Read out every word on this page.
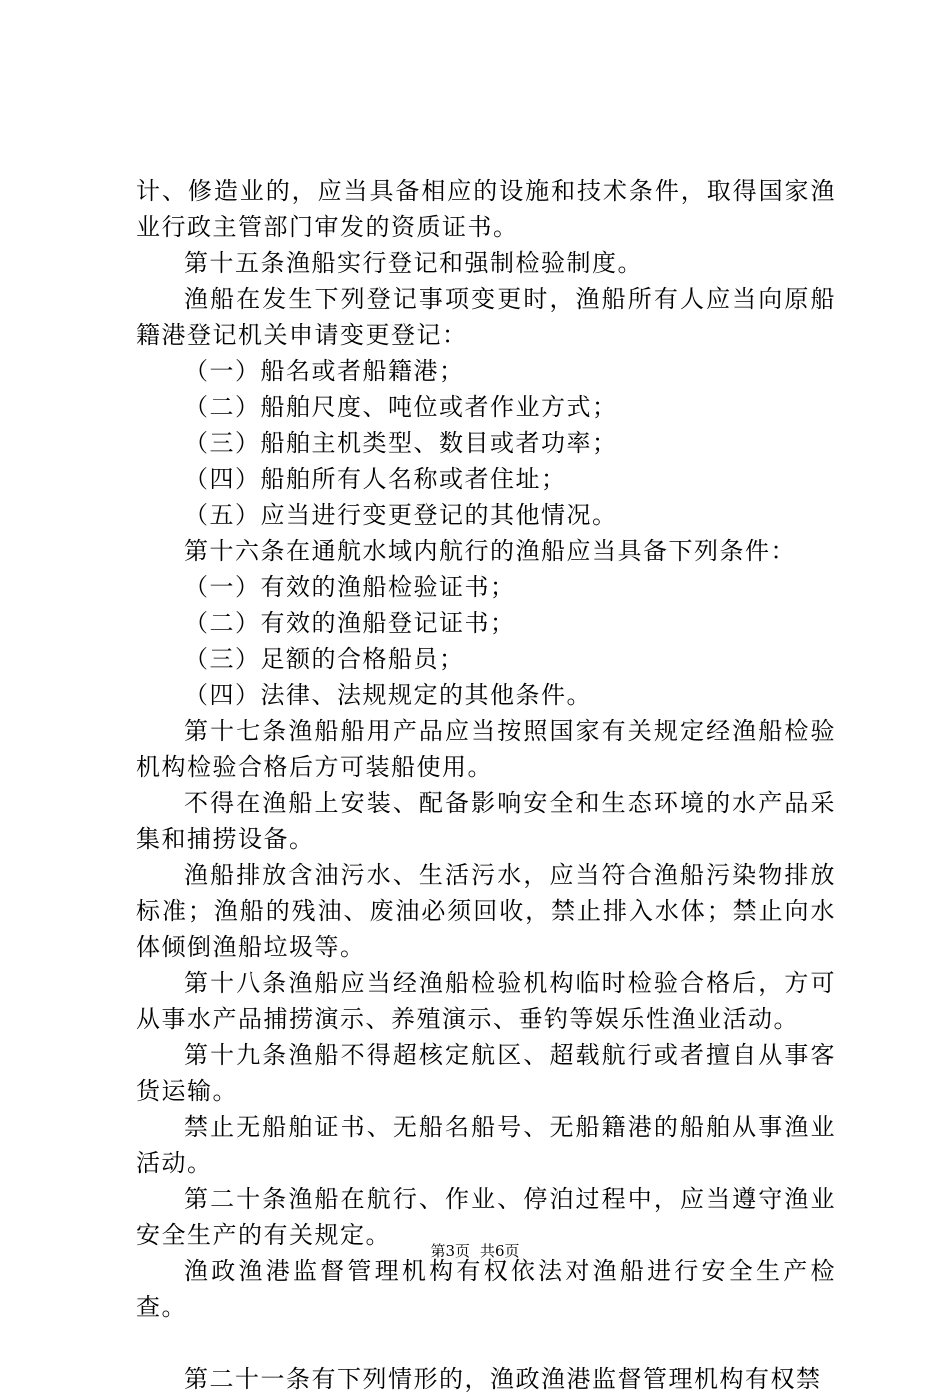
计、修造业的，应当具备相应的设施和技术条件，取得国家渔业行政主管部门审发的资质证书。

第十五条渔船实行登记和强制检验制度。

渔船在发生下列登记事项变更时，渔船所有人应当向原船籍港登记机关申请变更登记：

（一）船名或者船籍港；

（二）船舶尺度、吨位或者作业方式；

（三）船舶主机类型、数目或者功率；

（四）船舶所有人名称或者住址；

（五）应当进行变更登记的其他情况。

第十六条在通航水域内航行的渔船应当具备下列条件：

（一）有效的渔船检验证书；

（二）有效的渔船登记证书；

（三）足额的合格船员；

（四）法律、法规规定的其他条件。

第十七条渔船船用产品应当按照国家有关规定经渔船检验机构检验合格后方可装船使用。

不得在渔船上安装、配备影响安全和生态环境的水产品采集和捕捞设备。

渔船排放含油污水、生活污水，应当符合渔船污染物排放标准；渔船的残油、废油必须回收，禁止排入水体；禁止向水体倾倒渔船垃圾等。

第十八条渔船应当经渔船检验机构临时检验合格后，方可从事水产品捕捞演示、养殖演示、垂钓等娱乐性渔业活动。

第十九条渔船不得超核定航区、超载航行或者擅自从事客货运输。

禁止无船舶证书、无船名船号、无船籍港的船舶从事渔业活动。

第二十条渔船在航行、作业、停泊过程中，应当遵守渔业安全生产的有关规定。

渔政渔港监督管理机构有权依法对渔船进行安全生产检查。

第二十一条有下列情形的，渔政渔港监督管理机构有权禁

第3页 共6页
